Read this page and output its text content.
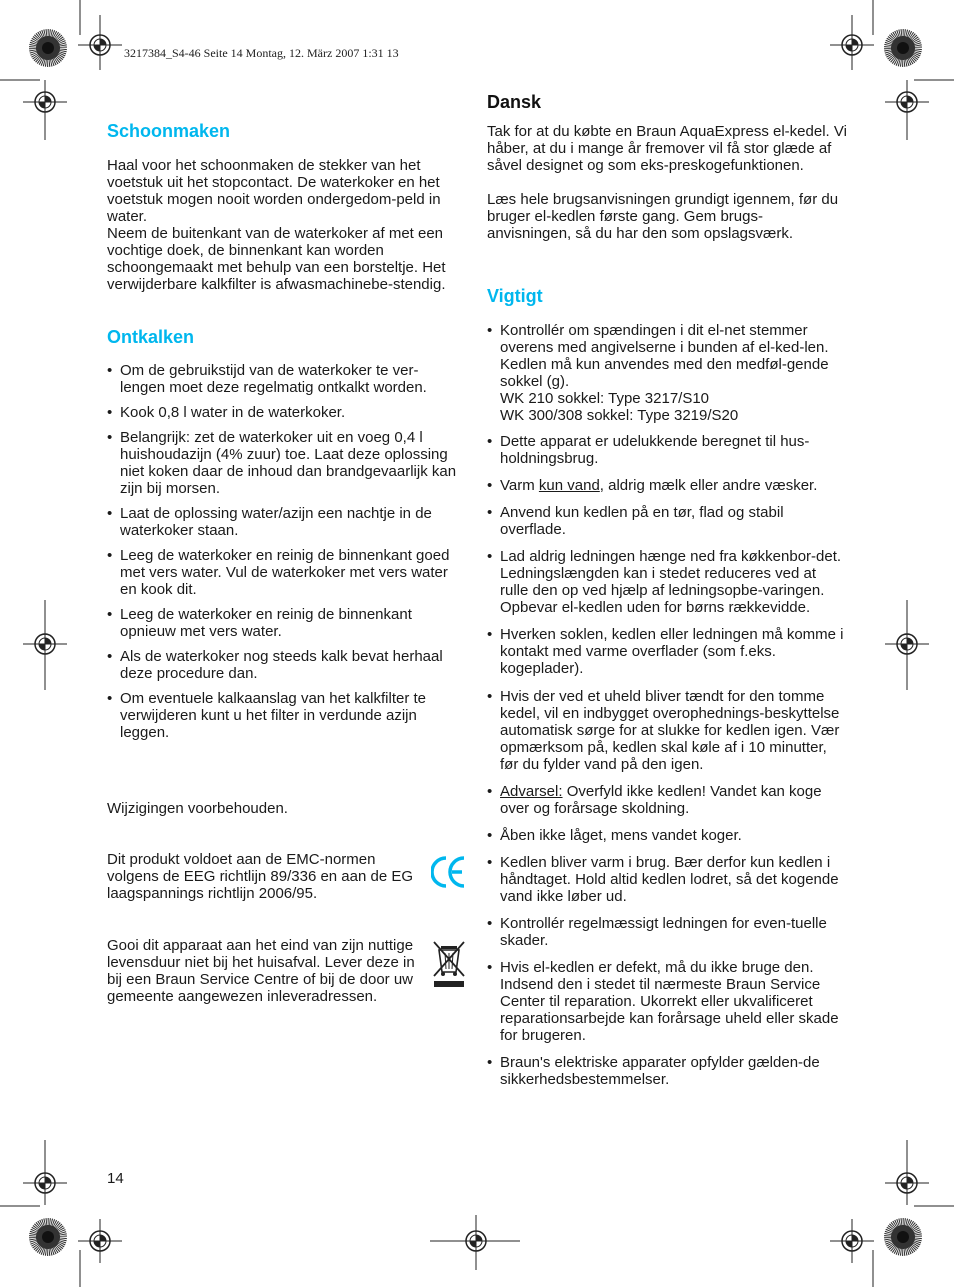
3217384_S4-46 Seite 14 Montag, 12. März 2007 1:31 13
Schoonmaken

Haal voor het schoonmaken de stekker van het voetstuk uit het stopcontact. De waterkoker en het voetstuk mogen nooit worden ondergedom-peld in water.

Neem de buitenkant van de waterkoker af met een vochtige doek, de binnenkant kan worden schoongemaakt met behulp van een borsteltje. Het verwijderbare kalkfilter is afwasmachinebe-stendig.

Ontkalken
• Om de gebruikstijd van de waterkoker te ver-lengen moet deze regelmatig ontkalkt worden.
• Kook 0,8 l water in de waterkoker.
• Belangrijk: zet de waterkoker uit en voeg 0,4 l huishoudazijn (4% zuur) toe. Laat deze oplossing niet koken daar de inhoud dan brandgevaarlijk kan zijn bij morsen.
• Laat de oplossing water/azijn een nachtje in de waterkoker staan.
• Leeg de waterkoker en reinig de binnenkant goed met vers water. Vul de waterkoker met vers water en kook dit.
• Leeg de waterkoker en reinig de binnenkant opnieuw met vers water.
• Als de waterkoker nog steeds kalk bevat herhaal deze procedure dan.
• Om eventuele kalkaanslag van het kalkfilter te verwijderen kunt u het filter in verdunde azijn leggen.

Wijzigingen voorbehouden.

Dit produkt voldoet aan de EMC-normen volgens de EEG richtlijn 89/336 en aan de EG laagspannings richtlijn 2006/95.

Gooi dit apparaat aan het eind van zijn nuttige levensduur niet bij het huisafval. Lever deze in bij een Braun Service Centre of bij de door uw gemeente aangewezen inleveradressen.

14
Dansk

Tak for at du købte en Braun AquaExpress el-kedel. Vi håber, at du i mange år fremover vil få stor glæde af såvel designet og som eks-preskogefunktionen.

Læs hele brugsanvisningen grundigt igennem, før du bruger el-kedlen første gang. Gem brugs-anvisningen, så du har den som opslagsværk.

Vigtigt
• Kontrollér om spændingen i dit el-net stemmer overens med angivelserne i bunden af el-ked-len. Kedlen må kun anvendes med den medføl-gende sokkel (g).
WK 210 sokkel: Type 3217/S10
WK 300/308 sokkel: Type 3219/S20
• Dette apparat er udelukkende beregnet til hus-holdningsbrug.
• Varm kun vand, aldrig mælk eller andre væsker.
• Anvend kun kedlen på en tør, flad og stabil overflade.
• Lad aldrig ledningen hænge ned fra køkkenbor-det. Ledningslængden kan i stedet reduceres ved at rulle den op ved hjælp af ledningsopbe-varingen. Opbevar el-kedlen uden for børns rækkevidde.
• Hverken soklen, kedlen eller ledningen må komme i kontakt med varme overflader (som f.eks. kogeplader).
• Hvis der ved et uheld bliver tændt for den tomme kedel, vil en indbygget overophednings-beskyttelse automatisk sørge for at slukke for kedlen igen. Vær opmærksom på, kedlen skal køle af i 10 minutter, før du fylder vand på den igen.
• Advarsel: Overfyld ikke kedlen! Vandet kan koge over og forårsage skoldning.
• Åben ikke låget, mens vandet koger.
• Kedlen bliver varm i brug. Bær derfor kun kedlen i håndtaget. Hold altid kedlen lodret, så det kogende vand ikke løber ud.
• Kontrollér regelmæssigt ledningen for even-tuelle skader.
• Hvis el-kedlen er defekt, må du ikke bruge den. Indsend den i stedet til nærmeste Braun Service Center til reparation. Ukorrekt eller ukvalificeret reparationsarbejde kan forårsage uheld eller skade for brugeren.
• Braun's elektriske apparater opfylder gælden-de sikkerhedsbestemmelser.
